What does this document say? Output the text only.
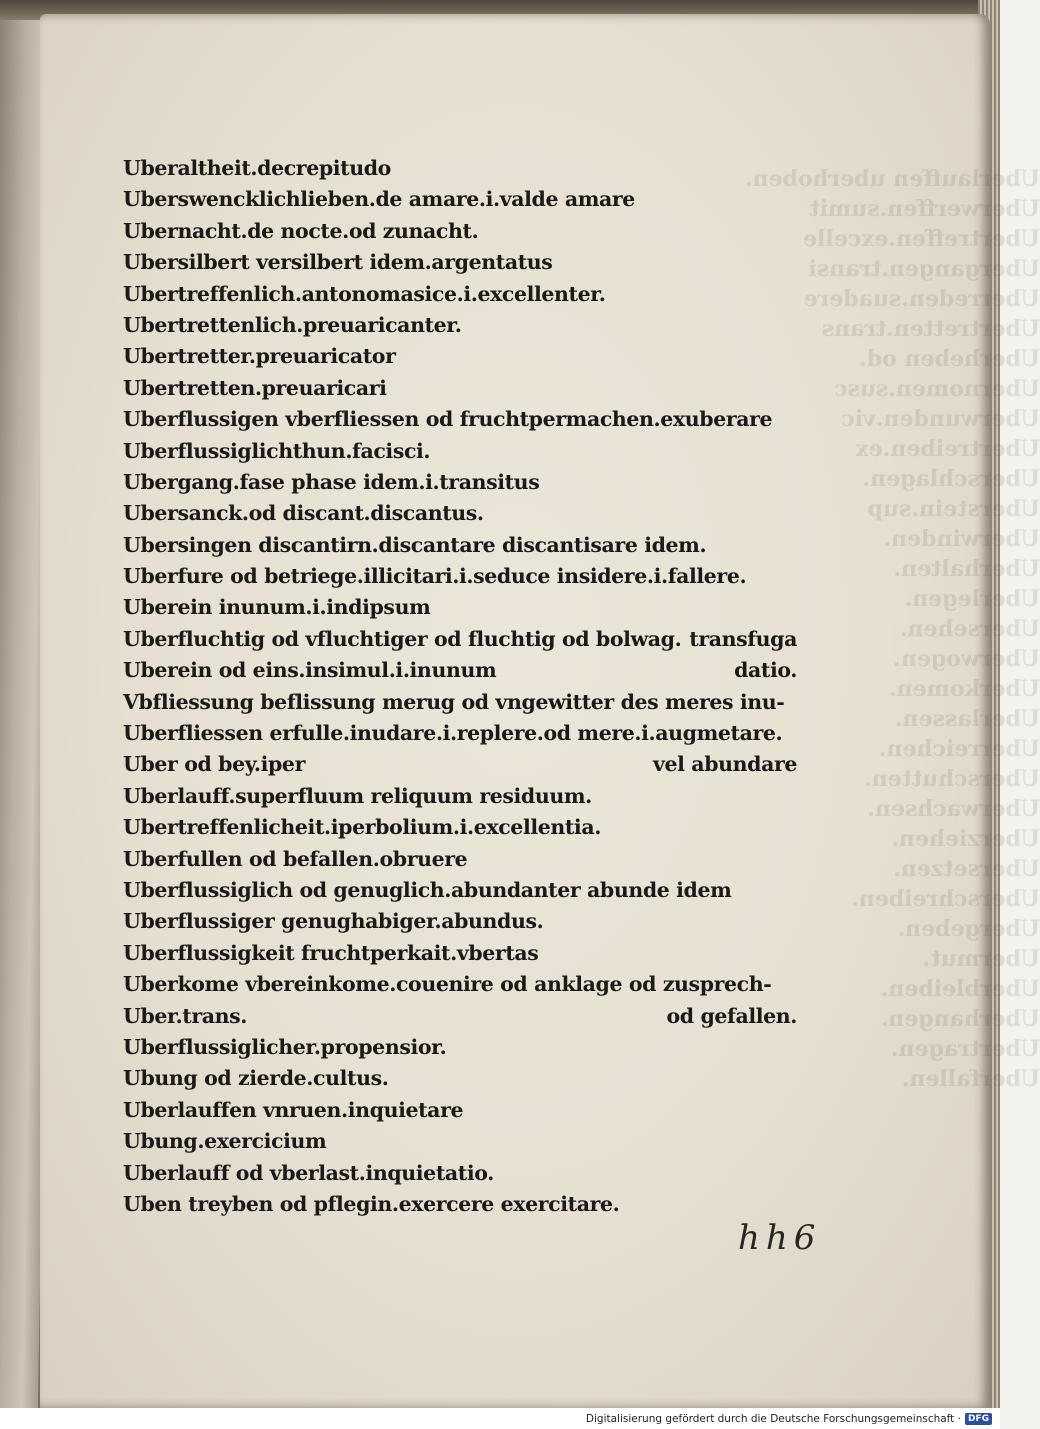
Uberlauffen uberhoben.
Uberwerffen.sumit
Ubertreffen.excelle
Ubergangen.transi
Uberreden.suadere
Ubertretten.trans
Uberheben od.
Ubernomen.susc
Uberwunden.vic
Ubertreiben.ex
Uberschlagen.
Uberstein.sup
Uberwinden.
Uberhalten.
Uberlegen.
Ubersehen.
Uberwogen.
Uberkomen.
Uberlassen.
Uberreichen.
Uberschutten.
Uberwachsen.
Uberziehen.
Ubersetzen.
Uberschreiben.
Ubergeben.
Ubermut.
Uberbleiben.
Uberhangen.
Ubertragen.
Uberfallen.
Uberaltheit.decrepitudo
Uberswencklichlieben.de amare.i.valde amare
Ubernacht.de nocte.od zunacht.
Ubersilbert versilbert idem.argentatus
Ubertreffenlich.antonomasice.i.excellenter.
Ubertrettenlich.preuaricanter.
Ubertretter.preuaricator
Ubertretten.preuaricari
Uberflussigen vberfliessen od fruchtpermachen.exuberare
Uberflussiglichthun.facisci.
Ubergang.fase phase idem.i.transitus
Ubersanck.od discant.discantus.
Ubersingen discantirn.discantare discantisare idem.
Uberfure od betriege.illicitari.i.seduce insidere.i.fallere.
Uberein inunum.i.indipsum
Uberfluchtig od vfluchtiger od fluchtig od bolwag. transfuga
Uberein od eins.insimul.i.inunum	datio.
Vbfliessung beflissung merug od vngewitter des meres inu-
Uberfliessen erfulle.inudare.i.replere.od mere.i.augmetare.
Uber od bey.iper	vel abundare
Uberlauff.superfluum reliquum residuum.
Ubertreffenlicheit.iperbolium.i.excellentia.
Uberfullen od befallen.obruere
Uberflussiglich od genuglich.abundanter abunde idem
Uberflussiger genughabiger.abundus.
Uberflussigkeit fruchtperkait.vbertas
Uberkome vbereinkome.couenire od anklage od zusprech-
Uber.trans.	od gefallen.
Uberflussiglicher.propensior.
Ubung od zierde.cultus.
Uberlauffen vnruen.inquietare
Ubung.exercicium
Uberlauff od vberlast.inquietatio.
Uben treyben od pflegin.exercere exercitare.
hh6
Digitalisierung gefördert durch die Deutsche Forschungsgemeinschaft · DFG
